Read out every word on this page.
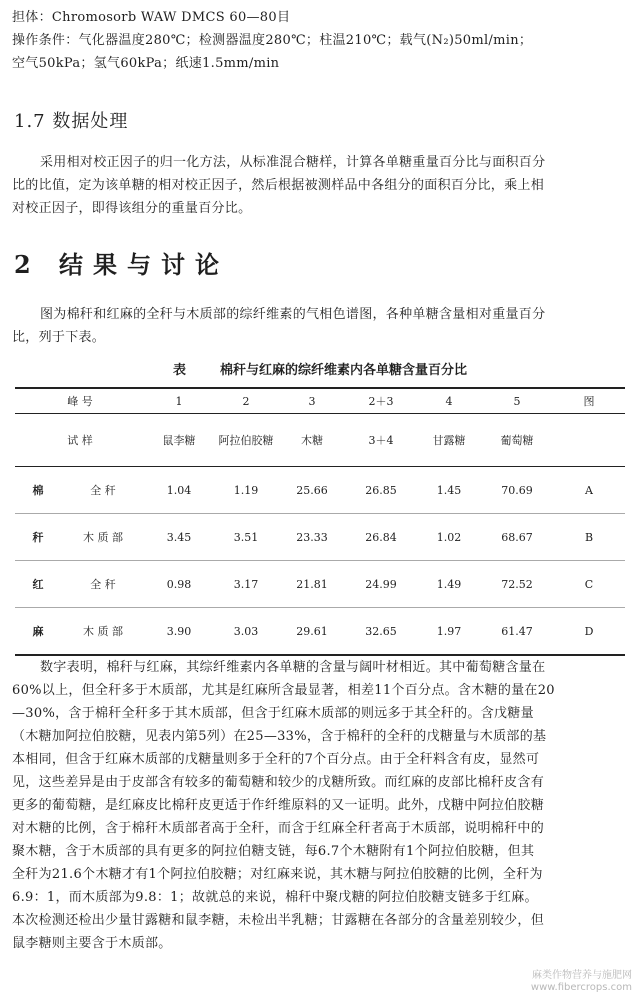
担体：Chromosorb WAW DMCS 60—80目
操作条件：气化器温度280℃；检测器温度280℃；柱温210℃；载气(N₂)50ml/min；
空气50kPa；氢气60kPa；纸速1.5mm/min
1.7 数据处理
采用相对校正因子的归一化方法，从标准混合糖样，计算各单糖重量百分比与面积百分
比的比值，定为该单糖的相对校正因子，然后根据被测样品中各组分的面积百分比，乘上相
对校正因子，即得该组分的重量百分比。
2 结果与讨论
图为棉秆和红麻的全秆与木质部的综纤维素的气相色谱图，各种单糖含量相对重量百分
比，列于下表。
表	棉秆与红麻的综纤维素内各单糖含量百分比
峰 号		1	2	3	2＋3	4	5	图
试 样		鼠李糖	阿拉伯胶糖	木糖	3＋4	甘露糖	葡萄糖	
棉	全 秆	1.04	1.19	25.66	26.85	1.45	70.69	A
秆	木 质 部	3.45	3.51	23.33	26.84	1.02	68.67	B
红	全 秆	0.98	3.17	21.81	24.99	1.49	72.52	C
麻	木 质 部	3.90	3.03	29.61	32.65	1.97	61.47	D
数字表明，棉秆与红麻，其综纤维素内各单糖的含量与阔叶材相近。其中葡萄糖含量在
60%以上，但全秆多于木质部，尤其是红麻所含最显著，相差11个百分点。含木糖的量在20
—30%，含于棉秆全秆多于其木质部，但含于红麻木质部的则远多于其全秆的。含戊糖量
（木糖加阿拉伯胶糖，见表内第5列）在25—33%，含于棉秆的全秆的戊糖量与木质部的基
本相同，但含于红麻木质部的戊糖量则多于全秆的7个百分点。由于全秆料含有皮，显然可
见，这些差异是由于皮部含有较多的葡萄糖和较少的戊糖所致。而红麻的皮部比棉秆皮含有
更多的葡萄糖，是红麻皮比棉秆皮更适于作纤维原料的又一证明。此外，戊糖中阿拉伯胶糖
对木糖的比例，含于棉秆木质部者高于全秆，而含于红麻全秆者高于木质部，说明棉秆中的
聚木糖，含于木质部的具有更多的阿拉伯糖支链，每6.7个木糖附有1个阿拉伯胶糖，但其
全秆为21.6个木糖才有1个阿拉伯胶糖；对红麻来说，其木糖与阿拉伯胶糖的比例，全秆为
6.9：1，而木质部为9.8：1；故就总的来说，棉秆中聚戊糖的阿拉伯胶糖支链多于红麻。
本次检测还检出少量甘露糖和鼠李糖，未检出半乳糖；甘露糖在各部分的含量差别较少，但
鼠李糖则主要含于木质部。
麻类作物营养与施肥网
www.fibercrops.com
